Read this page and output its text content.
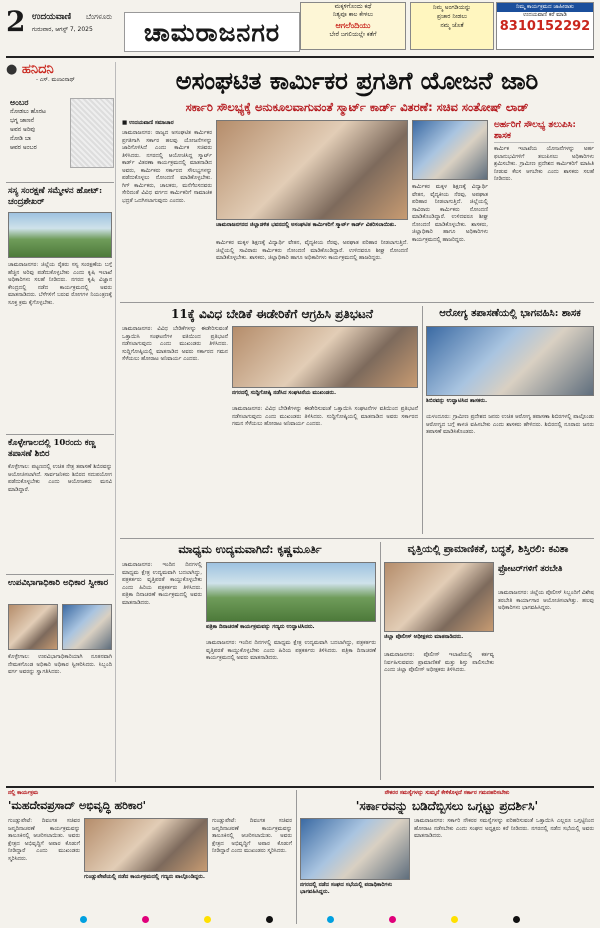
2 ಉದಯವಾಣಿ ಬೆಂಗಳೂರು
ಗುರುವಾರ, ಆಗಸ್ಟ್ 7, 2025	ಚಾಮರಾಜನಗರ
ಮಕ್ಕಳಿಗೊಂದು ಕಥೆ
ನಿತ್ಯವೂ ಕಾಲ ಕೇಳಲು
ಆಗಲೆಂದಿಯು
ಬೇರೆ ಜಗಲಿಯಲ್ಲೇ ಕತೆಗೆ
ನಿಮ್ಮ ಅಂಗಡಿಯನ್ನು
ಪ್ರಚಾರ ನೀಡಲು
ನಮ್ಮ ಜೊತೆ
ನಿಮ್ಮ ಕಾರ್ಯಕ್ರಮದ ಜಾಹೀರಾತು
ಉದಯವಾಣಿ ಕರೆ ಮಾಡಿ
8310152292
● ಹನಿದನಿ
- ಎಸ್. ಮಂಜುನಾಥ್
ಅಂಬರ
ನೋಡಲು ಹೊರಟ
ಭಗ್ನ ಜಾಣನೆ
ಅವನ ಅರಿವು
ನೋಡಿ ಬಾ
ಆವರ ಅಂಬರ
ಸಸ್ಯ ಸಂರಕ್ಷಣೆ ಸಮ್ಮೇಳನ ಹೋಟ್: ಚಂದ್ರಶೇಖರ್
ಚಾಮರಾಜನಗರ: ಜಿಲ್ಲೆಯ ರೈತರು ಸಸ್ಯ ಸಂರಕ್ಷಣೆಯ ಬಗ್ಗೆ ಹೆಚ್ಚಿನ ಅರಿವು ಪಡೆದುಕೊಳ್ಳಬೇಕು ಎಂದು ಕೃಷಿ ಇಲಾಖೆ ಅಧಿಕಾರಿಗಳು ಸಲಹೆ ನೀಡಿದರು. ನಗರದ ಕೃಷಿ ವಿಜ್ಞಾನ ಕೇಂದ್ರದಲ್ಲಿ ನಡೆದ ಕಾರ್ಯಕ್ರಮದಲ್ಲಿ ಅವರು ಮಾತನಾಡಿದರು. ಬೆಳೆಗಳಿಗೆ ಬರುವ ರೋಗಗಳ ನಿಯಂತ್ರಣಕ್ಕೆ ಸೂಕ್ತ ಕ್ರಮ ಕೈಗೊಳ್ಳಬೇಕು.
ಕೊಳ್ಳೇಗಾಲದಲ್ಲಿ 10ರಂದು ಕಣ್ಣ ತಪಾಸಣೆ ಶಿಬಿರ
ಕೊಳ್ಳೇಗಾಲ: ಪಟ್ಟಣದಲ್ಲಿ ಉಚಿತ ನೇತ್ರ ತಪಾಸಣೆ ಶಿಬಿರವನ್ನು ಆಯೋಜಿಸಲಾಗಿದೆ. ಸಾರ್ವಜನಿಕರು ಶಿಬಿರದ ಸದುಪಯೋಗ ಪಡೆದುಕೊಳ್ಳಬೇಕು ಎಂದು ಆಯೋಜಕರು ಮನವಿ ಮಾಡಿದ್ದಾರೆ.
ಉಪವಿಭಾಗಾಧಿಕಾರಿ ಅಧಿಕಾರ ಸ್ವೀಕಾರ
ಕೊಳ್ಳೇಗಾಲ: ಉಪವಿಭಾಗಾಧಿಕಾರಿಯಾಗಿ ನೂತನವಾಗಿ ನೇಮಕಗೊಂಡ ಅಧಿಕಾರಿ ಅಧಿಕಾರ ಸ್ವೀಕರಿಸಿದರು. ಸಿಬ್ಬಂದಿ ವರ್ಗ ಅವರನ್ನು ಸ್ವಾಗತಿಸಿದರು.
ಅಸಂಘಟಿತ ಕಾರ್ಮಿಕರ ಪ್ರಗತಿಗೆ ಯೋಜನೆ ಜಾರಿ
ಸರ್ಕಾರಿ ಸೌಲಭ್ಯಕ್ಕೆ ಅನುಕೂಲವಾಗುವಂತೆ ಸ್ಮಾರ್ಟ್ ಕಾರ್ಡ್ ವಿತರಣೆ: ಸಚಿವ ಸಂತೋಷ್ ಲಾಡ್
■ ಉದಯವಾಣಿ ಸಮಾಚಾರ
ಚಾಮರಾಜನಗರ: ರಾಜ್ಯದ ಅಸಂಘಟಿತ ಕಾರ್ಮಿಕರ ಪ್ರಗತಿಗಾಗಿ ಸರ್ಕಾರ ಹಲವು ಯೋಜನೆಗಳನ್ನು ಜಾರಿಗೊಳಿಸಿದೆ ಎಂದು ಕಾರ್ಮಿಕ ಸಚಿವರು ತಿಳಿಸಿದರು. ನಗರದಲ್ಲಿ ಆಯೋಜಿಸಿದ್ದ ಸ್ಮಾರ್ಟ್ ಕಾರ್ಡ್ ವಿತರಣಾ ಕಾರ್ಯಕ್ರಮದಲ್ಲಿ ಮಾತನಾಡಿದ ಅವರು, ಕಾರ್ಮಿಕರು ಸರ್ಕಾರದ ಸೌಲಭ್ಯಗಳನ್ನು ಪಡೆದುಕೊಳ್ಳಲು ನೋಂದಣಿ ಮಾಡಿಕೊಳ್ಳಬೇಕು. ಗಿಗ್ ಕಾರ್ಮಿಕರು, ಚಾಲಕರು, ಮನೆಗೆಲಸದವರು ಸೇರಿದಂತೆ ವಿವಿಧ ವರ್ಗದ ಕಾರ್ಮಿಕರಿಗೆ ಸಾಮಾಜಿಕ ಭದ್ರತೆ ಒದಗಿಸಲಾಗುವುದು ಎಂದರು.
ಚಾಮರಾಜನಗರದ ಜಿಲ್ಲಾಡಳಿತ ಭವನದಲ್ಲಿ ಅಸಂಘಟಿತ ಕಾರ್ಮಿಕರಿಗೆ ಸ್ಮಾರ್ಟ್ ಕಾರ್ಡ್ ವಿತರಿಸಲಾಯಿತು.
ಕಾರ್ಮಿಕರ ಮಕ್ಕಳ ಶಿಕ್ಷಣಕ್ಕೆ ವಿದ್ಯಾರ್ಥಿ ವೇತನ, ವೈದ್ಯಕೀಯ ನೆರವು, ಅಪಘಾತ ಪರಿಹಾರ ನೀಡಲಾಗುತ್ತಿದೆ. ಜಿಲ್ಲೆಯಲ್ಲಿ ಸಾವಿರಾರು ಕಾರ್ಮಿಕರು ನೋಂದಣಿ ಮಾಡಿಕೊಂಡಿದ್ದಾರೆ. ಉಳಿದವರೂ ಶೀಘ್ರ ನೋಂದಣಿ ಮಾಡಿಕೊಳ್ಳಬೇಕು. ಶಾಸಕರು, ಜಿಲ್ಲಾಧಿಕಾರಿ ಹಾಗೂ ಅಧಿಕಾರಿಗಳು ಕಾರ್ಯಕ್ರಮದಲ್ಲಿ ಹಾಜರಿದ್ದರು.
ಕಾರ್ಮಿಕರ ಮಕ್ಕಳ ಶಿಕ್ಷಣಕ್ಕೆ ವಿದ್ಯಾರ್ಥಿ ವೇತನ, ವೈದ್ಯಕೀಯ ನೆರವು, ಅಪಘಾತ ಪರಿಹಾರ ನೀಡಲಾಗುತ್ತಿದೆ. ಜಿಲ್ಲೆಯಲ್ಲಿ ಸಾವಿರಾರು ಕಾರ್ಮಿಕರು ನೋಂದಣಿ ಮಾಡಿಕೊಂಡಿದ್ದಾರೆ. ಉಳಿದವರೂ ಶೀಘ್ರ ನೋಂದಣಿ ಮಾಡಿಕೊಳ್ಳಬೇಕು. ಶಾಸಕರು, ಜಿಲ್ಲಾಧಿಕಾರಿ ಹಾಗೂ ಅಧಿಕಾರಿಗಳು ಕಾರ್ಯಕ್ರಮದಲ್ಲಿ ಹಾಜರಿದ್ದರು.
ಅರ್ಹರಿಗೆ ಸೌಲಭ್ಯ ತಲುಪಿಸಿ: ಶಾಸಕ
ಕಾರ್ಮಿಕ ಇಲಾಖೆಯ ಯೋಜನೆಗಳನ್ನು ಅರ್ಹ ಫಲಾನುಭವಿಗಳಿಗೆ ತಲುಪಿಸಲು ಅಧಿಕಾರಿಗಳು ಶ್ರಮಿಸಬೇಕು. ಗ್ರಾಮೀಣ ಪ್ರದೇಶದ ಕಾರ್ಮಿಕರಿಗೆ ಮಾಹಿತಿ ನೀಡುವ ಕೆಲಸ ಆಗಬೇಕು ಎಂದು ಶಾಸಕರು ಸಲಹೆ ನೀಡಿದರು.
11ಕ್ಕೆ ವಿವಿಧ ಬೇಡಿಕೆ ಈಡೇರಿಕೆಗೆ ಆಗ್ರಹಿಸಿ ಪ್ರತಿಭಟನೆ
ನಗರದಲ್ಲಿ ಸುದ್ದಿಗೋಷ್ಠಿ ನಡೆಸಿದ ಸಂಘಟನೆಯ ಮುಖಂಡರು.
ಚಾಮರಾಜನಗರ: ವಿವಿಧ ಬೇಡಿಕೆಗಳನ್ನು ಈಡೇರಿಸುವಂತೆ ಒತ್ತಾಯಿಸಿ ಸಂಘಟನೆಗಳ ವತಿಯಿಂದ ಪ್ರತಿಭಟನೆ ನಡೆಸಲಾಗುವುದು ಎಂದು ಮುಖಂಡರು ತಿಳಿಸಿದರು. ಸುದ್ದಿಗೋಷ್ಠಿಯಲ್ಲಿ ಮಾತನಾಡಿದ ಅವರು ಸರ್ಕಾರದ ಗಮನ ಸೆಳೆಯಲು ಹೋರಾಟ ಅನಿವಾರ್ಯ ಎಂದರು.
ಚಾಮರಾಜನಗರ: ವಿವಿಧ ಬೇಡಿಕೆಗಳನ್ನು ಈಡೇರಿಸುವಂತೆ ಒತ್ತಾಯಿಸಿ ಸಂಘಟನೆಗಳ ವತಿಯಿಂದ ಪ್ರತಿಭಟನೆ ನಡೆಸಲಾಗುವುದು ಎಂದು ಮುಖಂಡರು ತಿಳಿಸಿದರು. ಸುದ್ದಿಗೋಷ್ಠಿಯಲ್ಲಿ ಮಾತನಾಡಿದ ಅವರು ಸರ್ಕಾರದ ಗಮನ ಸೆಳೆಯಲು ಹೋರಾಟ ಅನಿವಾರ್ಯ ಎಂದರು.
ಆರೋಗ್ಯ ತಪಾಸಣೆಯಲ್ಲಿ ಭಾಗವಹಿಸಿ: ಶಾಸಕ
ಶಿಬಿರವನ್ನು ಉದ್ಘಾಟಿಸಿದ ಶಾಸಕರು.
ಯಳಂದೂರು: ಗ್ರಾಮೀಣ ಪ್ರದೇಶದ ಜನರು ಉಚಿತ ಆರೋಗ್ಯ ತಪಾಸಣಾ ಶಿಬಿರಗಳಲ್ಲಿ ಪಾಲ್ಗೊಂಡು ಆರೋಗ್ಯದ ಬಗ್ಗೆ ಕಾಳಜಿ ವಹಿಸಬೇಕು ಎಂದು ಶಾಸಕರು ಹೇಳಿದರು. ಶಿಬಿರದಲ್ಲಿ ನೂರಾರು ಜನರು ತಪಾಸಣೆ ಮಾಡಿಸಿಕೊಂಡರು.
ಮಾಧ್ಯಮ ಉದ್ಯಮವಾಗಿದೆ: ಕೃಷ್ಣಮೂರ್ತಿ
ಪತ್ರಿಕಾ ದಿನಾಚರಣೆ ಕಾರ್ಯಕ್ರಮವನ್ನು ಗಣ್ಯರು ಉದ್ಘಾಟಿಸಿದರು.
ಚಾಮರಾಜನಗರ: ಇಂದಿನ ದಿನಗಳಲ್ಲಿ ಮಾಧ್ಯಮ ಕ್ಷೇತ್ರ ಉದ್ಯಮವಾಗಿ ಬದಲಾಗಿದ್ದು, ಪತ್ರಕರ್ತರು ವೃತ್ತಿಪರತೆ ಕಾಯ್ದುಕೊಳ್ಳಬೇಕು ಎಂದು ಹಿರಿಯ ಪತ್ರಕರ್ತರು ತಿಳಿಸಿದರು. ಪತ್ರಿಕಾ ದಿನಾಚರಣೆ ಕಾರ್ಯಕ್ರಮದಲ್ಲಿ ಅವರು ಮಾತನಾಡಿದರು.
ಚಾಮರಾಜನಗರ: ಇಂದಿನ ದಿನಗಳಲ್ಲಿ ಮಾಧ್ಯಮ ಕ್ಷೇತ್ರ ಉದ್ಯಮವಾಗಿ ಬದಲಾಗಿದ್ದು, ಪತ್ರಕರ್ತರು ವೃತ್ತಿಪರತೆ ಕಾಯ್ದುಕೊಳ್ಳಬೇಕು ಎಂದು ಹಿರಿಯ ಪತ್ರಕರ್ತರು ತಿಳಿಸಿದರು. ಪತ್ರಿಕಾ ದಿನಾಚರಣೆ ಕಾರ್ಯಕ್ರಮದಲ್ಲಿ ಅವರು ಮಾತನಾಡಿದರು.
ವೃತ್ತಿಯಲ್ಲಿ ಪ್ರಾಮಾಣಿಕತೆ, ಬದ್ಧತೆ, ಶಿಸ್ತಿರಲಿ: ಕವಿತಾ
ಜಿಲ್ಲಾ ಪೊಲೀಸ್ ಅಧೀಕ್ಷಕರು ಮಾತನಾಡಿದರು.
ಚಾಮರಾಜನಗರ: ಪೊಲೀಸ್ ಇಲಾಖೆಯಲ್ಲಿ ಕರ್ತವ್ಯ ನಿರ್ವಹಿಸುವವರು ಪ್ರಾಮಾಣಿಕತೆ ಮತ್ತು ಶಿಸ್ತು ಪಾಲಿಸಬೇಕು ಎಂದು ಜಿಲ್ಲಾ ಪೊಲೀಸ್ ಅಧೀಕ್ಷಕರು ತಿಳಿಸಿದರು.
ಫ್ರೋಟರ್‌ಗಳಿಗೆ ತರಬೇತಿ
ಚಾಮರಾಜನಗರ: ಜಿಲ್ಲೆಯ ಪೊಲೀಸ್ ಸಿಬ್ಬಂದಿಗೆ ವಿಶೇಷ ತರಬೇತಿ ಕಾರ್ಯಾಗಾರ ಆಯೋಜಿಸಲಾಗಿತ್ತು. ಹಲವು ಅಧಿಕಾರಿಗಳು ಭಾಗವಹಿಸಿದ್ದರು.
ನಲ್ಲಿ ಕಾರ್ಯಕ್ರಮ
'ಮಹದೇವಪ್ರಸಾದ್ ಅಭಿವೃದ್ಧಿ ಹರಿಕಾರ'
ಗುಂಡ್ಲುಪೇಟೆ: ದಿವಂಗತ ಸಚಿವರ ಜನ್ಮದಿನಾಚರಣೆ ಕಾರ್ಯಕ್ರಮವನ್ನು ತಾಲೂಕಿನಲ್ಲಿ ಆಚರಿಸಲಾಯಿತು. ಅವರು ಕ್ಷೇತ್ರದ ಅಭಿವೃದ್ಧಿಗೆ ಅಪಾರ ಕೊಡುಗೆ ನೀಡಿದ್ದಾರೆ ಎಂದು ಮುಖಂಡರು ಸ್ಮರಿಸಿದರು.
ಗುಂಡ್ಲುಪೇಟೆಯಲ್ಲಿ ನಡೆದ ಕಾರ್ಯಕ್ರಮದಲ್ಲಿ ಗಣ್ಯರು ಪಾಲ್ಗೊಂಡಿದ್ದರು.
ಗುಂಡ್ಲುಪೇಟೆ: ದಿವಂಗತ ಸಚಿವರ ಜನ್ಮದಿನಾಚರಣೆ ಕಾರ್ಯಕ್ರಮವನ್ನು ತಾಲೂಕಿನಲ್ಲಿ ಆಚರಿಸಲಾಯಿತು. ಅವರು ಕ್ಷೇತ್ರದ ಅಭಿವೃದ್ಧಿಗೆ ಅಪಾರ ಕೊಡುಗೆ ನೀಡಿದ್ದಾರೆ ಎಂದು ಮುಖಂಡರು ಸ್ಮರಿಸಿದರು.
ನೌಕರರ ಸಮಸ್ಯೆಗಳನ್ನು ಸುಮ್ಮನೆ ಕೇಳಿಕೊಳ್ಳದೆ ಸರ್ಕಾರ ಗಮನಹರಿಸಬೇಕು
'ಸರ್ಕಾರವನ್ನು ಬಡಿದೆಬ್ಬಿಸಲು ಒಗ್ಗಟ್ಟು ಪ್ರದರ್ಶಿಸಿ'
ನಗರದಲ್ಲಿ ನಡೆದ ಸಂಘದ ಸಭೆಯಲ್ಲಿ ಪದಾಧಿಕಾರಿಗಳು ಭಾಗವಹಿಸಿದ್ದರು.
ಚಾಮರಾಜನಗರ: ಸರ್ಕಾರಿ ನೌಕರರ ಸಮಸ್ಯೆಗಳನ್ನು ಪರಿಹರಿಸುವಂತೆ ಒತ್ತಾಯಿಸಿ ಎಲ್ಲರೂ ಒಗ್ಗಟ್ಟಿನಿಂದ ಹೋರಾಟ ನಡೆಸಬೇಕು ಎಂದು ಸಂಘದ ಅಧ್ಯಕ್ಷರು ಕರೆ ನೀಡಿದರು. ನಗರದಲ್ಲಿ ನಡೆದ ಸಭೆಯಲ್ಲಿ ಅವರು ಮಾತನಾಡಿದರು.
